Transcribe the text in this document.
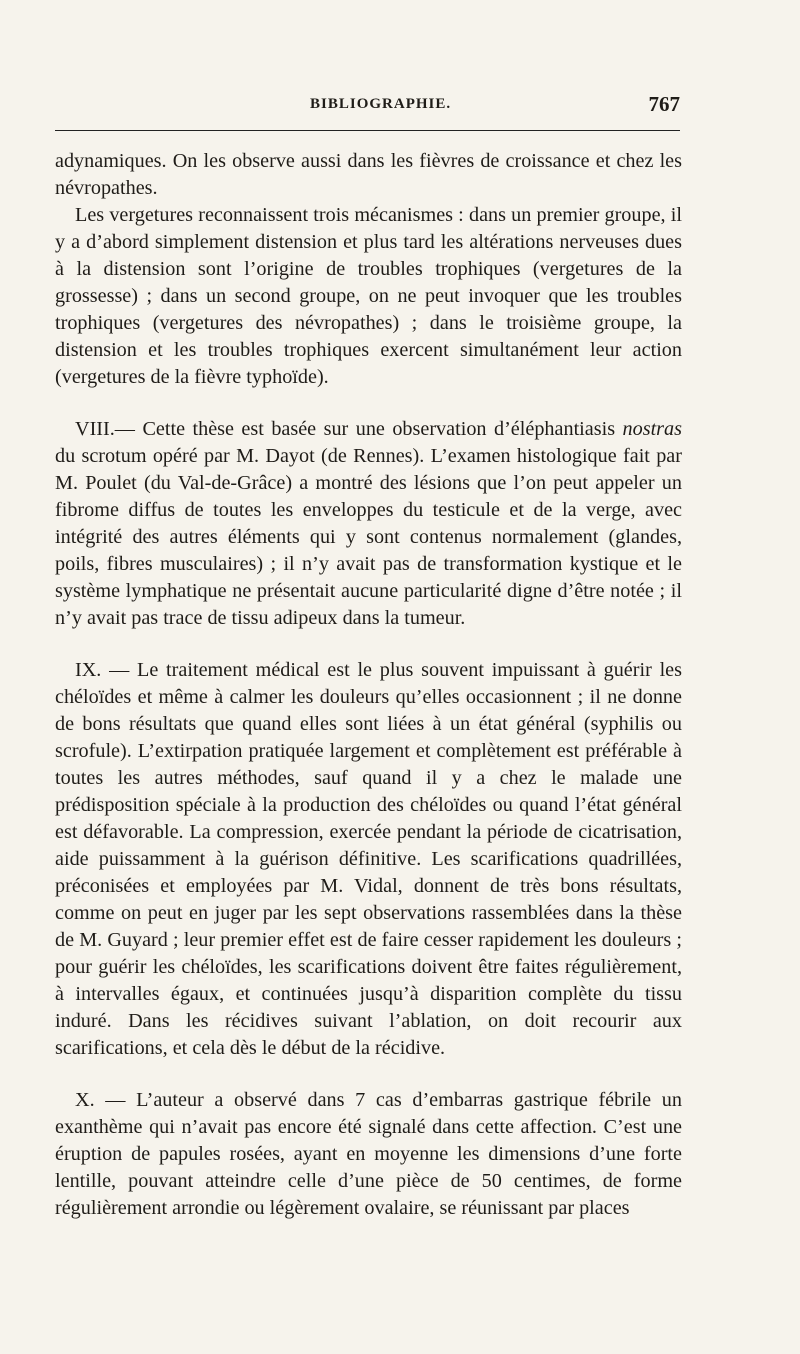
BIBLIOGRAPHIE.	767

adynamiques. On les observe aussi dans les fièvres de croissance et chez les névropathes.

Les vergetures reconnaissent trois mécanismes : dans un premier groupe, il y a d’abord simplement distension et plus tard les altérations nerveuses dues à la distension sont l’origine de troubles trophiques (vergetures de la grossesse) ; dans un second groupe, on ne peut invoquer que les troubles trophiques (vergetures des névropathes) ; dans le troisième groupe, la distension et les troubles trophiques exercent simultanément leur action (vergetures de la fièvre typhoïde).

VIII.— Cette thèse est basée sur une observation d’éléphantiasis nostras du scrotum opéré par M. Dayot (de Rennes). L’examen histologique fait par M. Poulet (du Val-de-Grâce) a montré des lésions que l’on peut appeler un fibrome diffus de toutes les enveloppes du testicule et de la verge, avec intégrité des autres éléments qui y sont contenus normalement (glandes, poils, fibres musculaires) ; il n’y avait pas de transformation kystique et le système lymphatique ne présentait aucune particularité digne d’être notée ; il n’y avait pas trace de tissu adipeux dans la tumeur.

IX. — Le traitement médical est le plus souvent impuissant à guérir les chéloïdes et même à calmer les douleurs qu’elles occasionnent ; il ne donne de bons résultats que quand elles sont liées à un état général (syphilis ou scrofule). L’extirpation pratiquée largement et complètement est préférable à toutes les autres méthodes, sauf quand il y a chez le malade une prédisposition spéciale à la production des chéloïdes ou quand l’état général est défavorable. La compression, exercée pendant la période de cicatrisation, aide puissamment à la guérison définitive. Les scarifications quadrillées, préconisées et employées par M. Vidal, donnent de très bons résultats, comme on peut en juger par les sept observations rassemblées dans la thèse de M. Guyard ; leur premier effet est de faire cesser rapidement les douleurs ; pour guérir les chéloïdes, les scarifications doivent être faites régulièrement, à intervalles égaux, et continuées jusqu’à disparition complète du tissu induré. Dans les récidives suivant l’ablation, on doit recourir aux scarifications, et cela dès le début de la récidive.

X. — L’auteur a observé dans 7 cas d’embarras gastrique fébrile un exanthème qui n’avait pas encore été signalé dans cette affection. C’est une éruption de papules rosées, ayant en moyenne les dimensions d’une forte lentille, pouvant atteindre celle d’une pièce de 50 centimes, de forme régulièrement arrondie ou légèrement ovalaire, se réunissant par places
